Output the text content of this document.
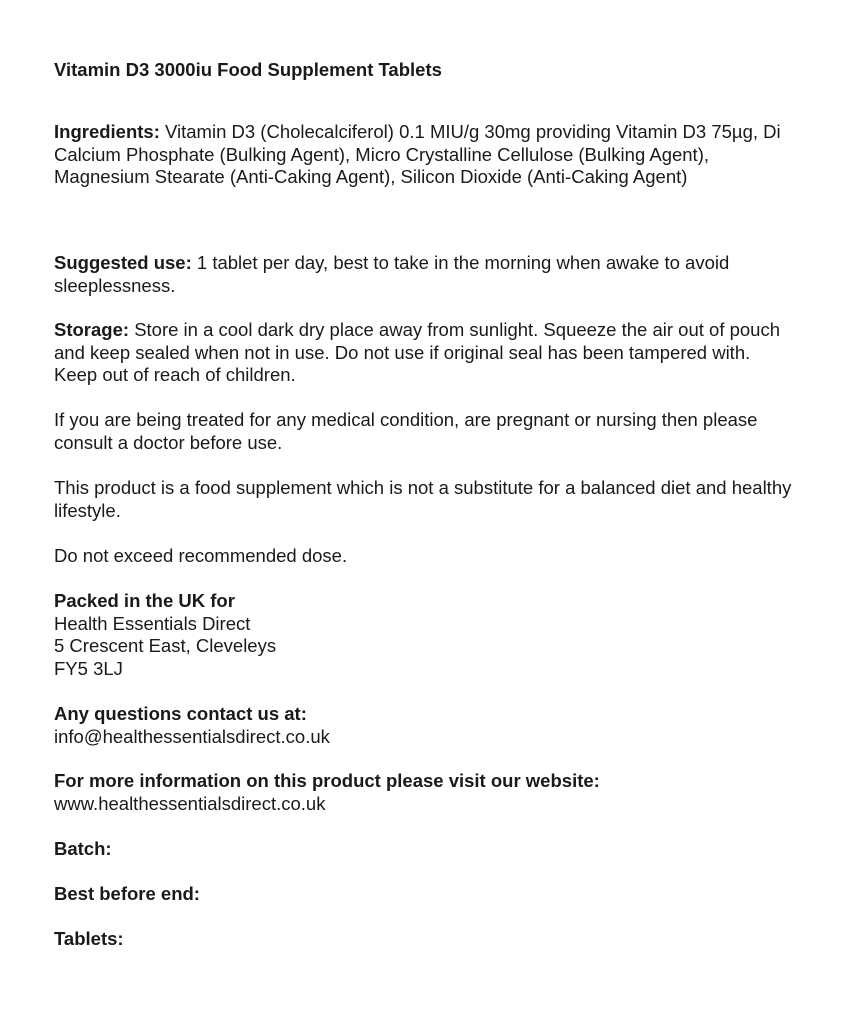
Vitamin D3 3000iu Food Supplement Tablets

Ingredients: Vitamin D3 (Cholecalciferol) 0.1 MIU/g 30mg providing Vitamin D3 75µg, Di Calcium Phosphate (Bulking Agent), Micro Crystalline Cellulose (Bulking Agent), Magnesium Stearate (Anti-Caking Agent), Silicon Dioxide (Anti-Caking Agent)

Suggested use: 1 tablet per day, best to take in the morning when awake to avoid sleeplessness.

Storage: Store in a cool dark dry place away from sunlight. Squeeze the air out of pouch and keep sealed when not in use. Do not use if original seal has been tampered with. Keep out of reach of children.

If you are being treated for any medical condition, are pregnant or nursing then please consult a doctor before use.

This product is a food supplement which is not a substitute for a balanced diet and healthy lifestyle.

Do not exceed recommended dose.

Packed in the UK for
Health Essentials Direct
5 Crescent East, Cleveleys
FY5 3LJ

Any questions contact us at:
info@healthessentialsdirect.co.uk

For more information on this product please visit our website:
www.healthessentialsdirect.co.uk

Batch:

Best before end:

Tablets:
